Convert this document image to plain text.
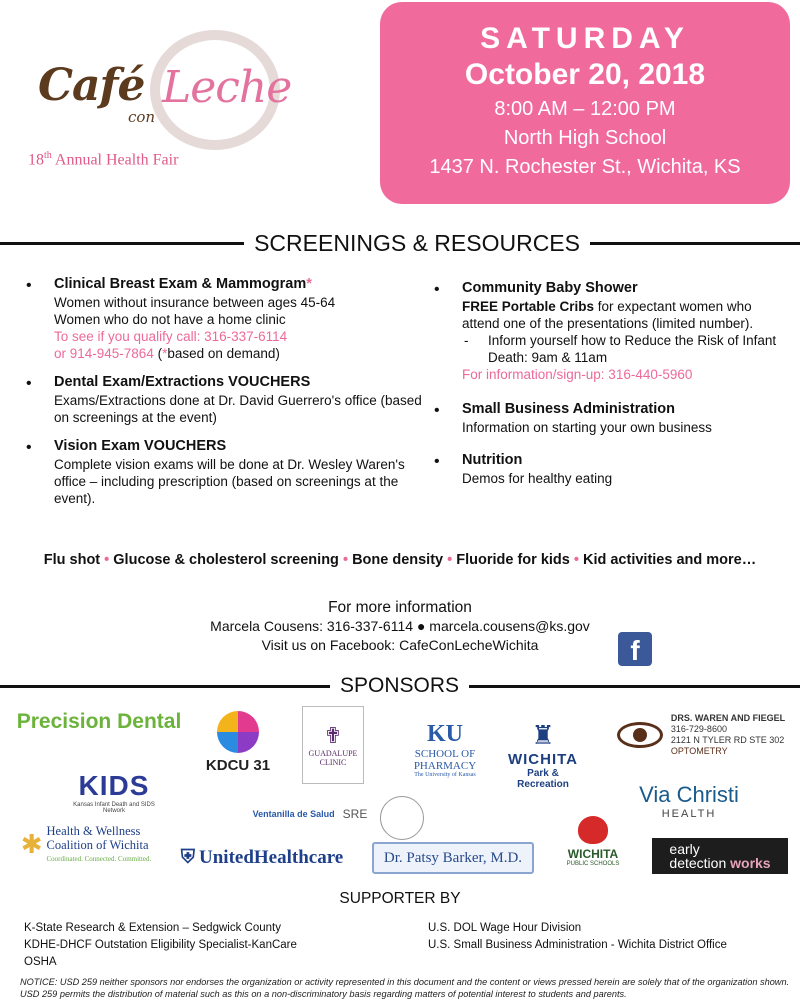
Café
con
Leche
18th Annual Health Fair
SATURDAY
October 20, 2018
8:00 AM – 12:00 PM
North High School
1437 N. Rochester St., Wichita, KS
SCREENINGS & RESOURCES
• Clinical Breast Exam & Mammogram*
Women without insurance between ages 45-64
Women who do not have a home clinic
To see if you qualify call: 316-337-6114
or 914-945-7864 (*based on demand)
• Dental Exam/Extractions VOUCHERS
Exams/Extractions done at Dr. David Guerrero's office (based on screenings at the event)
• Vision Exam VOUCHERS
Complete vision exams will be done at Dr. Wesley Waren's office – including prescription (based on screenings at the event).
• Community Baby Shower
FREE Portable Cribs for expectant women who attend one of the presentations (limited number).
- Inform yourself how to Reduce the Risk of Infant Death: 9am & 11am
For information/sign-up: 316-440-5960
• Small Business Administration
Information on starting your own business
• Nutrition
Demos for healthy eating
Flu shot • Glucose & cholesterol screening • Bone density • Fluoride for kids • Kid activities and more…
For more information
Marcela Cousens: 316-337-6114 ● marcela.cousens@ks.gov
Visit us on Facebook: CafeConLecheWichita	f
SPONSORS
Precision Dental
KDCU 31
✟
GUADALUPE
CLINIC
KU
SCHOOL OF
PHARMACY
The University of Kansas
♜
WICHITA
Park & Recreation
DRS. WAREN AND FIEGEL
316-729-8600
2121 N TYLER RD STE 302
OPTOMETRY
KIDS
Kansas Infant Death and SIDS Network	Ventanilla de Salud SRE
Via Christi
HEALTH
✱ Health & Wellness
Coalition of Wichita
Coordinated. Connected. Committed. ⛨ UnitedHealthcare	Dr. Patsy Barker, M.D.	WICHITA
PUBLIC SCHOOLS
early
detection works
SUPPORTER BY
K-State Research & Extension – Sedgwick County
KDHE-DHCF Outstation Eligibility Specialist-KanCare
OSHA
U.S. DOL Wage Hour Division
U.S. Small Business Administration - Wichita District Office
NOTICE: USD 259 neither sponsors nor endorses the organization or activity represented in this document and the content or views pressed herein are solely that of the organization shown. USD 259 permits the distribution of material such as this on a non-discriminatory basis regarding matters of potential interest to students and parents.
